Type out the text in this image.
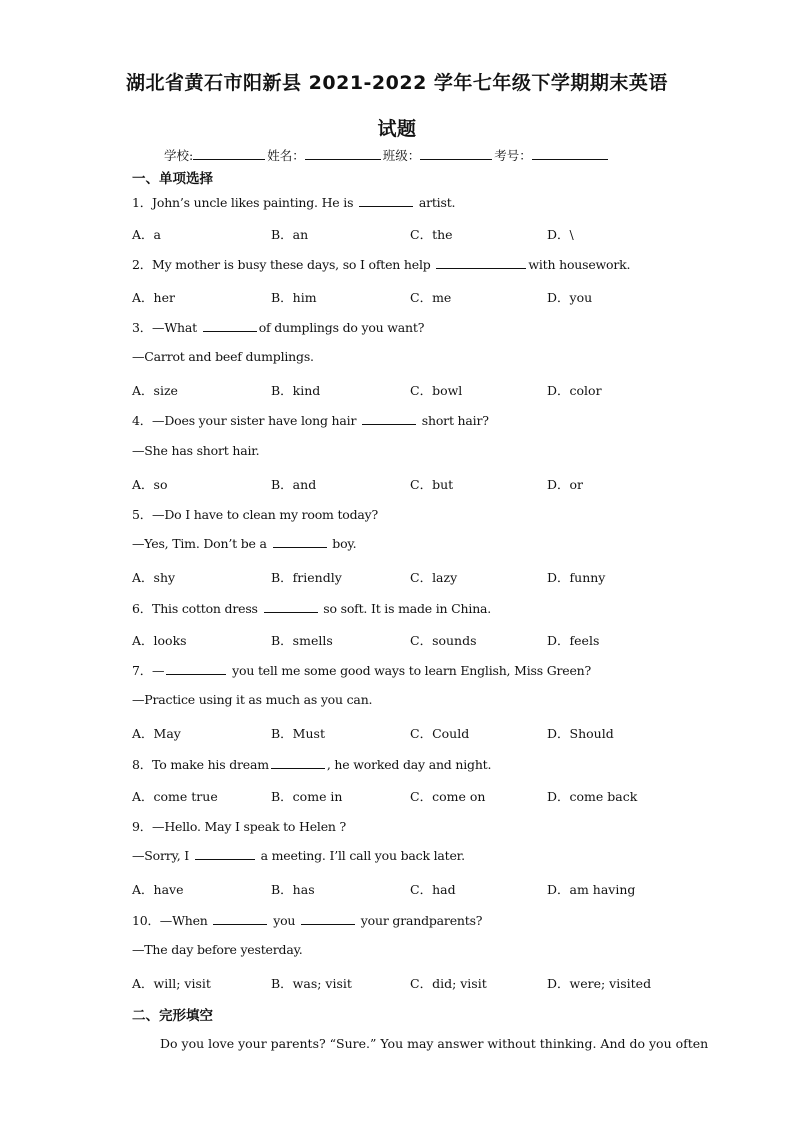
湖北省黄石市阳新县 2021-2022 学年七年级下学期期末英语
试题
学校:	姓名：	班级：	考号：
一、单项选择
1．John’s uncle likes painting. He is	artist.
A．a	B．an	C．the	D．\
2．My mother is busy these days, so I often help	with housework.
A．her	B．him	C．me	D．you
3．—What	of dumplings do you want?
—Carrot and beef dumplings.
A．size	B．kind	C．bowl	D．color
4．—Does your sister have long hair	short hair?
—She has short hair.
A．so	B．and	C．but	D．or
5．—Do I have to clean my room today?
—Yes, Tim. Don’t be a	boy.
A．shy	B．friendly	C．lazy	D．funny
6．This cotton dress	so soft. It is made in China.
A．looks	B．smells	C．sounds	D．feels
7．—	you tell me some good ways to learn English, Miss Green?
—Practice using it as much as you can.
A．May	B．Must	C．Could	D．Should
8．To make his dream	, he worked day and night.
A．come true	B．come in	C．come on	D．come back
9．—Hello. May I speak to Helen ?
—Sorry, I	a meeting. I’ll call you back later.
A．have	B．has	C．had	D．am having
10．—When	you	your grandparents?
—The day before yesterday.
A．will; visit	B．was; visit	C．did; visit	D．were; visited
二、完形填空
Do you love your parents? “Sure.” You may answer without thinking. And do you often
